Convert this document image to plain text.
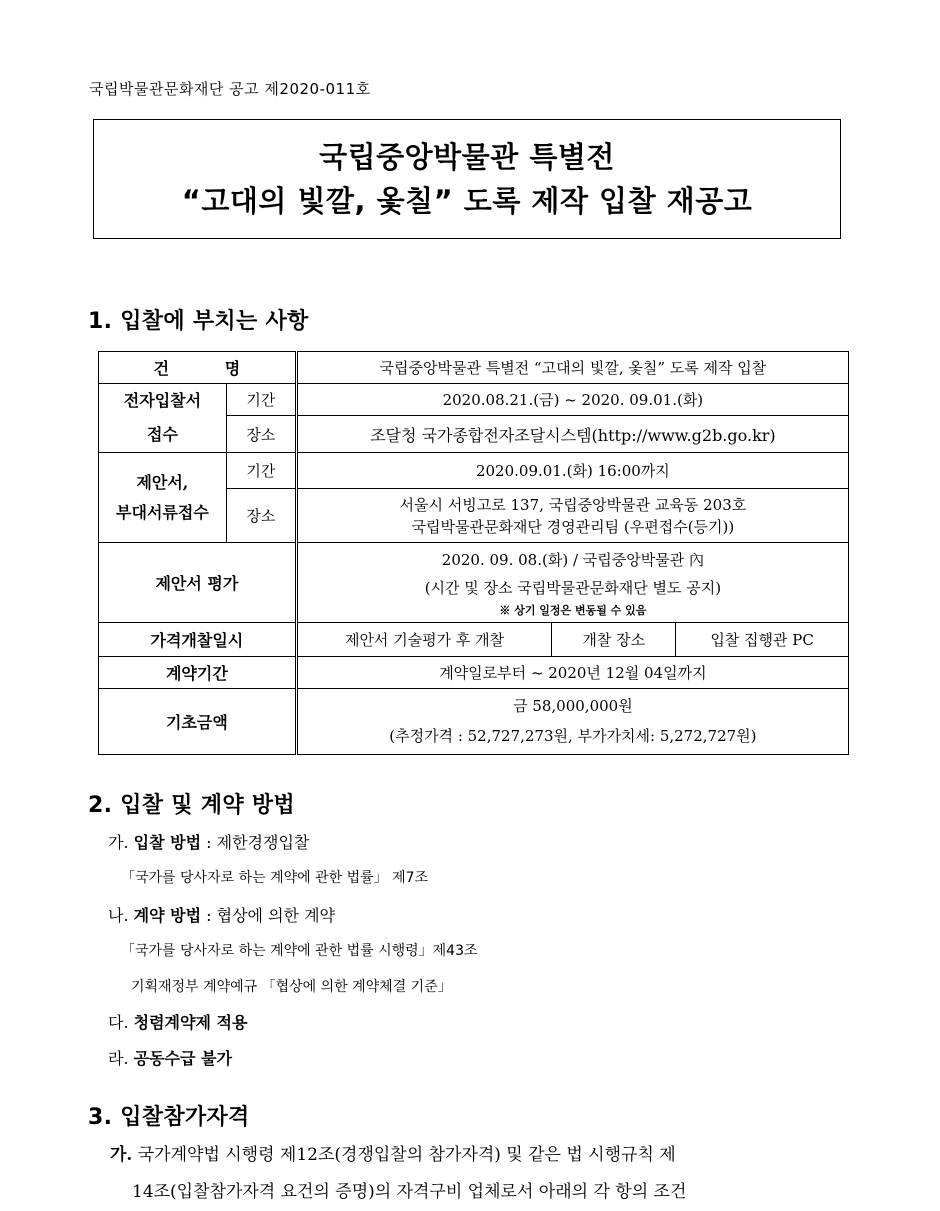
국립박물관문화재단 공고 제2020-011호
국립중앙박물관 특별전
“고대의 빛깔, 옻칠” 도록 제작 입찰 재공고
1. 입찰에 부치는 사항
건          명		국립중앙박물관 특별전 “고대의 빛깔, 옻칠” 도록 제작 입찰		

전자입찰서
접수	기간	2020.08.21.(금) ~ 2020. 09.01.(화)		
	장소	조달청 국가종합전자조달시스템(http://www.g2b.go.kr)		

제안서,
부대서류접수	기간	2020.09.01.(화) 16:00까지		
	장소	서울시 서빙고로 137, 국립중앙박물관 교육동 203호
국립박물관문화재단 경영관리팀 (우편접수(등기))		

제안서 평가		2020. 09. 08.(화) / 국립중앙박물관 內
(시간 및 장소 국립박물관문화재단 별도 공지)
※ 상기 일정은 변동될 수 있음		

가격개찰일시		제안서 기술평가 후 개찰	개찰 장소	입찰 집행관 PC
계약기간		계약일로부터 ~ 2020년 12월 04일까지		
기초금액		금 58,000,000원
(추정가격 : 52,727,273원, 부가가치세: 5,272,727원)		
2. 입찰 및 계약 방법
가. 입찰 방법 : 제한경쟁입찰
「국가를 당사자로 하는 계약에 관한 법률」 제7조
나. 계약 방법 : 협상에 의한 계약
「국가를 당사자로 하는 계약에 관한 법률 시행령」제43조
기획재정부 계약예규 「협상에 의한 계약체결 기준」
다. 청렴계약제 적용
라. 공동수급 불가
3. 입찰참가자격
가. 국가계약법 시행령 제12조(경쟁입찰의 참가자격) 및 같은 법 시행규칙 제
14조(입찰참가자격 요건의 증명)의 자격구비 업체로서 아래의 각 항의 조건
